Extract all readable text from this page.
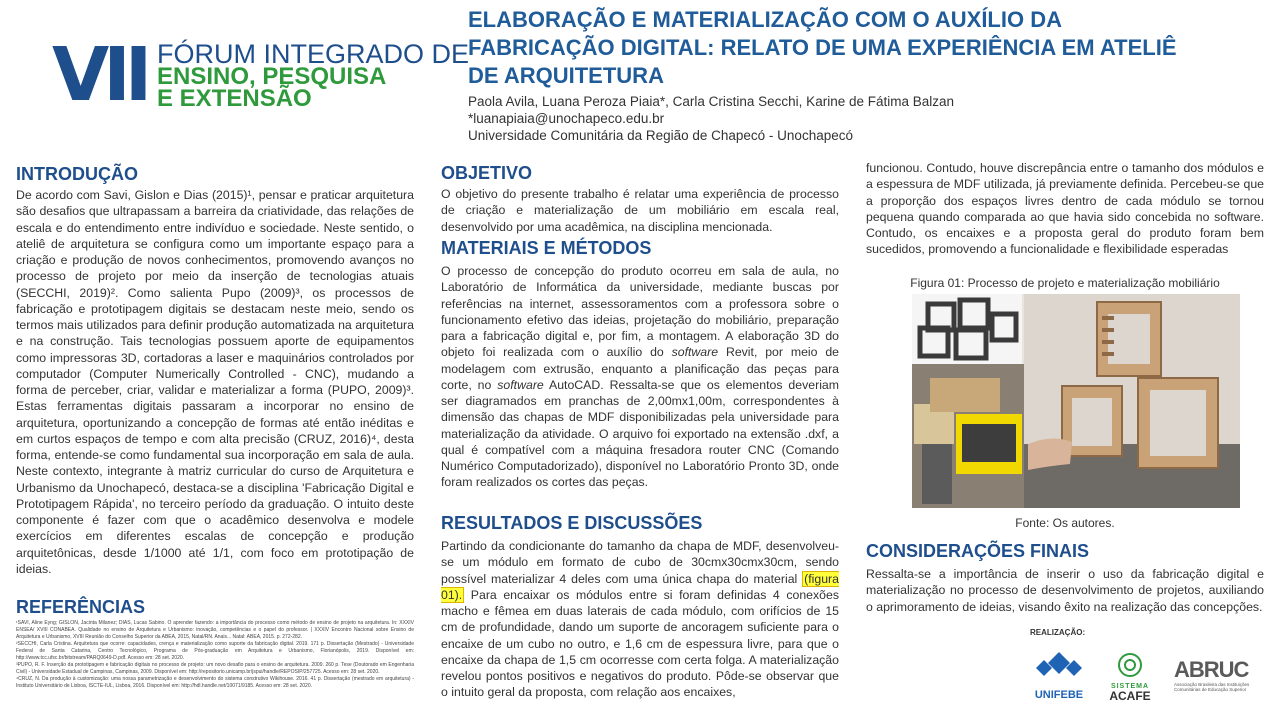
VII FÓRUM INTEGRADO DE
ENSINO, PESQUISA
E EXTENSÃO
ELABORAÇÃO E MATERIALIZAÇÃO COM O AUXÍLIO DA
FABRICAÇÃO DIGITAL: RELATO DE UMA EXPERIÊNCIA EM ATELIÊ
DE ARQUITETURA
Paola Avila, Luana Peroza Piaia*, Carla Cristina Secchi, Karine de Fátima Balzan
*luanapiaia@unochapeco.edu.br
Universidade Comunitária da Região de Chapecó - Unochapecó
INTRODUÇÃO
De acordo com Savi, Gislon e Dias (2015)¹, pensar e praticar arquitetura são desafios que ultrapassam a barreira da criatividade, das relações de escala e do entendimento entre indivíduo e sociedade. Neste sentido, o ateliê de arquitetura se configura como um importante espaço para a criação e produção de novos conhecimentos, promovendo avanços no processo de projeto por meio da inserção de tecnologias atuais (SECCHI, 2019)². Como salienta Pupo (2009)³, os processos de fabricação e prototipagem digitais se destacam neste meio, sendo os termos mais utilizados para definir produção automatizada na arquitetura e na construção. Tais tecnologias possuem aporte de equipamentos como impressoras 3D, cortadoras a laser e maquinários controlados por computador (Computer Numerically Controlled - CNC), mudando a forma de perceber, criar, validar e materializar a forma (PUPO, 2009)³. Estas ferramentas digitais passaram a incorporar no ensino de arquitetura, oportunizando a concepção de formas até então inéditas e em curtos espaços de tempo e com alta precisão (CRUZ, 2016)⁴, desta forma, entende-se como fundamental sua incorporação em sala de aula. Neste contexto, integrante à matriz curricular do curso de Arquitetura e Urbanismo da Unochapecó, destaca-se a disciplina 'Fabricação Digital e Prototipagem Rápida', no terceiro período da graduação. O intuito deste componente é fazer com que o acadêmico desenvolva e modele exercícios em diferentes escalas de concepção e produção arquitetônicas, desde 1/1000 até 1/1, com foco em prototipação de ideias.
REFERÊNCIAS
¹SAVI, Aline Eyng; GISLON, Jacinta Milanez; DIAS, Lucas Sabino. O aprender fazendo: a importância do processo como método de ensino de projeto na arquitetura. In: XXXIV ENSEA/ XVIII CONABEA. Qualidade no ensino de Arquitetura e Urbanismo: inovação, competências e o papel do professor. | XXXIV Encontro Nacional sobre Ensino de Arquitetura e Urbanismo, XVIII Reunião do Conselho Superior da ABEA, 2015, Natal/RN. Anais... Natal: ABEA, 2015. p. 272-282.
²SECCHI, Carla Cristina. Arquitetura que ocorre: capacidades, crença e materialização como suporte da fabricação digital. 2019. 171 p. Dissertação (Mestrado) - Universidade Federal de Santa Catarina, Centro Tecnológico, Programa de Pós-graduação em Arquitetura e Urbanismo, Florianópolis, 2019. Disponível em: http://www.tcc.ufsc.br/bitstream/PARQ0649-D.pdf. Acesso em: 28 set. 2020.
³PUPO, R. F. Inserção da prototipagem e fabricação digitais no processo de projeto: um novo desafio para o ensino de arquitetura. 2009. 260 p. Tese (Doutorado em Engenharia Civil) - Universidade Estadual de Campinas, Campinas, 2009. Disponível em: http://repositorio.unicamp.br/jspui/handle/REPOSIP/257725. Acesso em: 28 set. 2020.
⁴CRUZ, N. Da produção à customização: uma nossa parametrização e desenvolvimento do sistema construtivo Wikihouse. 2016. 41 p. Dissertação (mestrado em arquitetura) - Instituto Universitário de Lisboa, ISCTE-IUL, Lisboa, 2016. Disponível em: http://hdl.handle.net/10071/9185. Acesso em: 28 set. 2020.
OBJETIVO
O objetivo do presente trabalho é relatar uma experiência de processo de criação e materialização de um mobiliário em escala real, desenvolvido por uma acadêmica, na disciplina mencionada.
MATERIAIS E MÉTODOS
O processo de concepção do produto ocorreu em sala de aula, no Laboratório de Informática da universidade, mediante buscas por referências na internet, assessoramentos com a professora sobre o funcionamento efetivo das ideias, projetação do mobiliário, preparação para a fabricação digital e, por fim, a montagem. A elaboração 3D do objeto foi realizada com o auxílio do software Revit, por meio de modelagem com extrusão, enquanto a planificação das peças para corte, no software AutoCAD. Ressalta-se que os elementos deveriam ser diagramados em pranchas de 2,00mx1,00m, correspondentes à dimensão das chapas de MDF disponibilizadas pela universidade para materialização da atividade. O arquivo foi exportado na extensão .dxf, a qual é compatível com a máquina fresadora router CNC (Comando Numérico Computadorizado), disponível no Laboratório Pronto 3D, onde foram realizados os cortes das peças.
RESULTADOS E DISCUSSÕES
Partindo da condicionante do tamanho da chapa de MDF, desenvolveu-se um módulo em formato de cubo de 30cmx30cmx30cm, sendo possível materializar 4 deles com uma única chapa do material (figura 01). Para encaixar os módulos entre si foram definidas 4 conexões macho e fêmea em duas laterais de cada módulo, com orifícios de 15 cm de profundidade, dando um suporte de ancoragem suficiente para o encaixe de um cubo no outro, e 1,6 cm de espessura livre, para que o encaixe da chapa de 1,5 cm ocorresse com certa folga. A materialização revelou pontos positivos e negativos do produto. Pôde-se observar que o intuito geral da proposta, com relação aos encaixes,
funcionou. Contudo, houve discrepância entre o tamanho dos módulos e a espessura de MDF utilizada, já previamente definida. Percebeu-se que a proporção dos espaços livres dentro de cada módulo se tornou pequena quando comparada ao que havia sido concebida no software. Contudo, os encaixes e a proposta geral do produto foram bem sucedidos, promovendo a funcionalidade e flexibilidade esperadas
Figura 01: Processo de projeto e materialização mobiliário
Fonte: Os autores.
CONSIDERAÇÕES FINAIS
Ressalta-se a importância de inserir o uso da fabricação digital e materialização no processo de desenvolvimento de projetos, auxiliando o aprimoramento de ideias, visando êxito na realização das concepções.
REALIZAÇÃO:
UNIFEBE
SISTEMA
ACAFE
ABRUC
Associação Brasileira das Instituições Comunitárias de Educação Superior
